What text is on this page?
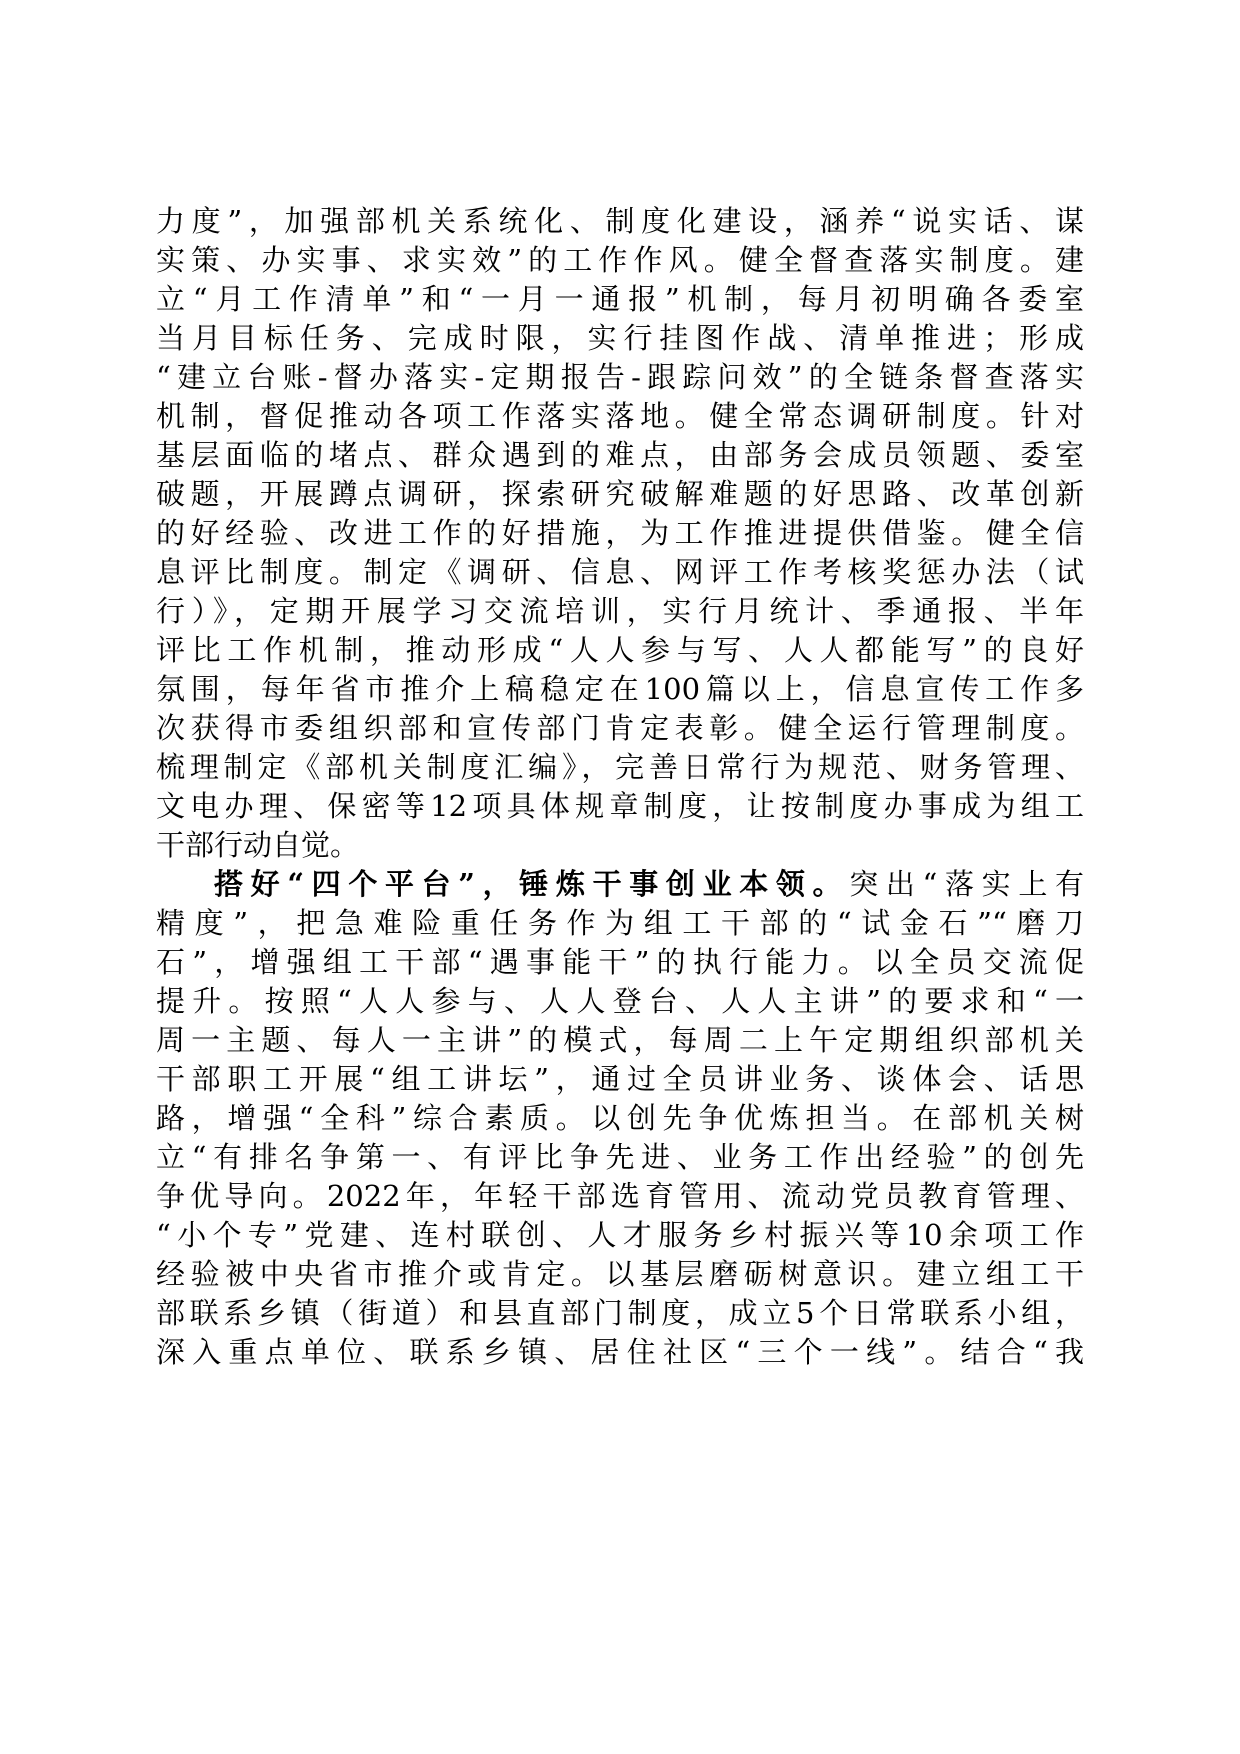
力度”，加强部机关系统化、制度化建设，涵养“说实话、谋
实策、办实事、求实效”的工作作风。健全督查落实制度。建
立“月工作清单”和“一月一通报”机制，每月初明确各委室
当月目标任务、完成时限，实行挂图作战、清单推进；形成
“建立台账-督办落实-定期报告-跟踪问效”的全链条督查落实
机制，督促推动各项工作落实落地。健全常态调研制度。针对
基层面临的堵点、群众遇到的难点，由部务会成员领题、委室
破题，开展蹲点调研，探索研究破解难题的好思路、改革创新
的好经验、改进工作的好措施，为工作推进提供借鉴。健全信
息评比制度。制定《调研、信息、网评工作考核奖惩办法（试
行）》，定期开展学习交流培训，实行月统计、季通报、半年
评比工作机制，推动形成“人人参与写、人人都能写”的良好
氛围，每年省市推介上稿稳定在100篇以上，信息宣传工作多
次获得市委组织部和宣传部门肯定表彰。健全运行管理制度。
梳理制定《部机关制度汇编》，完善日常行为规范、财务管理、
文电办理、保密等12项具体规章制度，让按制度办事成为组工
干部行动自觉。
搭好“四个平台”，锤炼干事创业本领。突出“落实上有
精度”，把急难险重任务作为组工干部的“试金石”“磨刀
石”，增强组工干部“遇事能干”的执行能力。以全员交流促
提升。按照“人人参与、人人登台、人人主讲”的要求和“一
周一主题、每人一主讲”的模式，每周二上午定期组织部机关
干部职工开展“组工讲坛”，通过全员讲业务、谈体会、话思
路，增强“全科”综合素质。以创先争优炼担当。在部机关树
立“有排名争第一、有评比争先进、业务工作出经验”的创先
争优导向。2022年，年轻干部选育管用、流动党员教育管理、
“小个专”党建、连村联创、人才服务乡村振兴等10余项工作
经验被中央省市推介或肯定。以基层磨砺树意识。建立组工干
部联系乡镇（街道）和县直部门制度，成立5个日常联系小组，
深入重点单位、联系乡镇、居住社区“三个一线”。结合“我
